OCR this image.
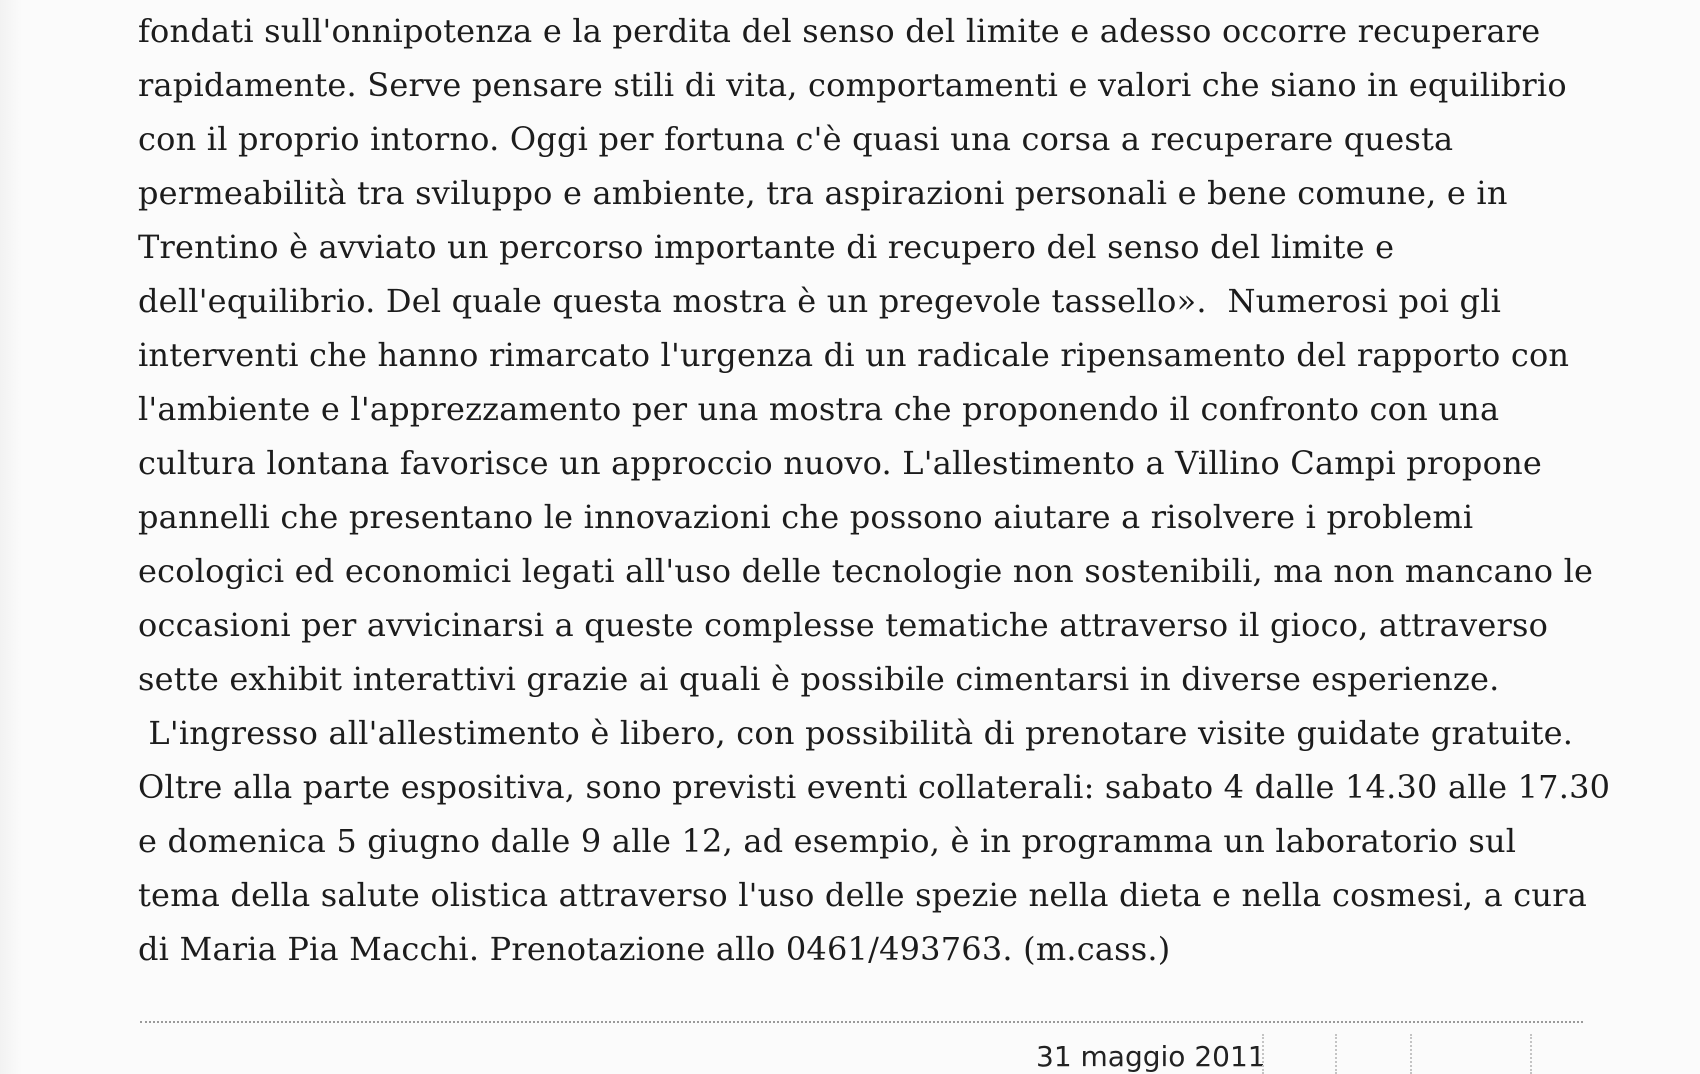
fondati sull'onnipotenza e la perdita del senso del limite e adesso occorre recuperare
rapidamente. Serve pensare stili di vita, comportamenti e valori che siano in equilibrio
con il proprio intorno. Oggi per fortuna c'è quasi una corsa a recuperare questa
permeabilità tra sviluppo e ambiente, tra aspirazioni personali e bene comune, e in
Trentino è avviato un percorso importante di recupero del senso del limite e
dell'equilibrio. Del quale questa mostra è un pregevole tassello».  Numerosi poi gli
interventi che hanno rimarcato l'urgenza di un radicale ripensamento del rapporto con
l'ambiente e l'apprezzamento per una mostra che proponendo il confronto con una
cultura lontana favorisce un approccio nuovo. L'allestimento a Villino Campi propone
pannelli che presentano le innovazioni che possono aiutare a risolvere i problemi
ecologici ed economici legati all'uso delle tecnologie non sostenibili, ma non mancano le
occasioni per avvicinarsi a queste complesse tematiche attraverso il gioco, attraverso
sette exhibit interattivi grazie ai quali è possibile cimentarsi in diverse esperienze.
L'ingresso all'allestimento è libero, con possibilità di prenotare visite guidate gratuite.
Oltre alla parte espositiva, sono previsti eventi collaterali: sabato 4 dalle 14.30 alle 17.30
e domenica 5 giugno dalle 9 alle 12, ad esempio, è in programma un laboratorio sul
tema della salute olistica attraverso l'uso delle spezie nella dieta e nella cosmesi, a cura
di Maria Pia Macchi. Prenotazione allo 0461/493763. (m.cass.)
31 maggio 2011
